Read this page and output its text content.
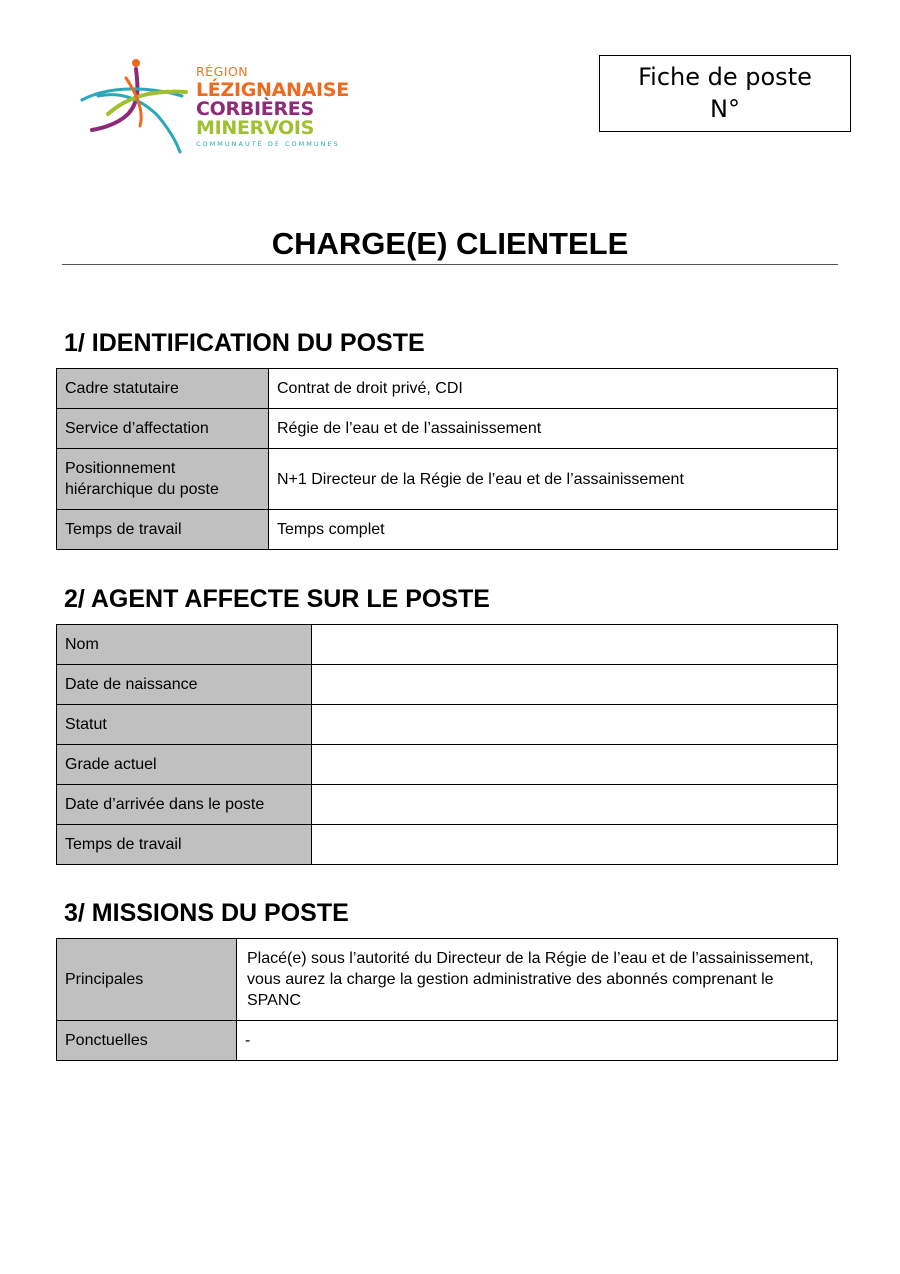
RÉGION
LÉZIGNANAISE
CORBIÈRES
MINERVOIS
COMMUNAUTÉ DE COMMUNES
Fiche de poste
N°
CHARGE(E) CLIENTELE
1/ IDENTIFICATION DU POSTE
Cadre statutaire	Contrat de droit privé, CDI
Service d’affectation	Régie de l’eau et de l’assainissement
Positionnement hiérarchique du poste	N+1 Directeur de la Régie de l’eau et de l’assainissement
Temps de travail	Temps complet
2/ AGENT AFFECTE SUR LE POSTE
Nom	
Date de naissance	
Statut	
Grade actuel	
Date d’arrivée dans le poste	
Temps de travail	
3/ MISSIONS DU POSTE
Principales	Placé(e) sous l’autorité du Directeur de la Régie de l’eau et de l’assainissement, vous aurez la charge la gestion administrative des abonnés comprenant le SPANC
Ponctuelles	-
